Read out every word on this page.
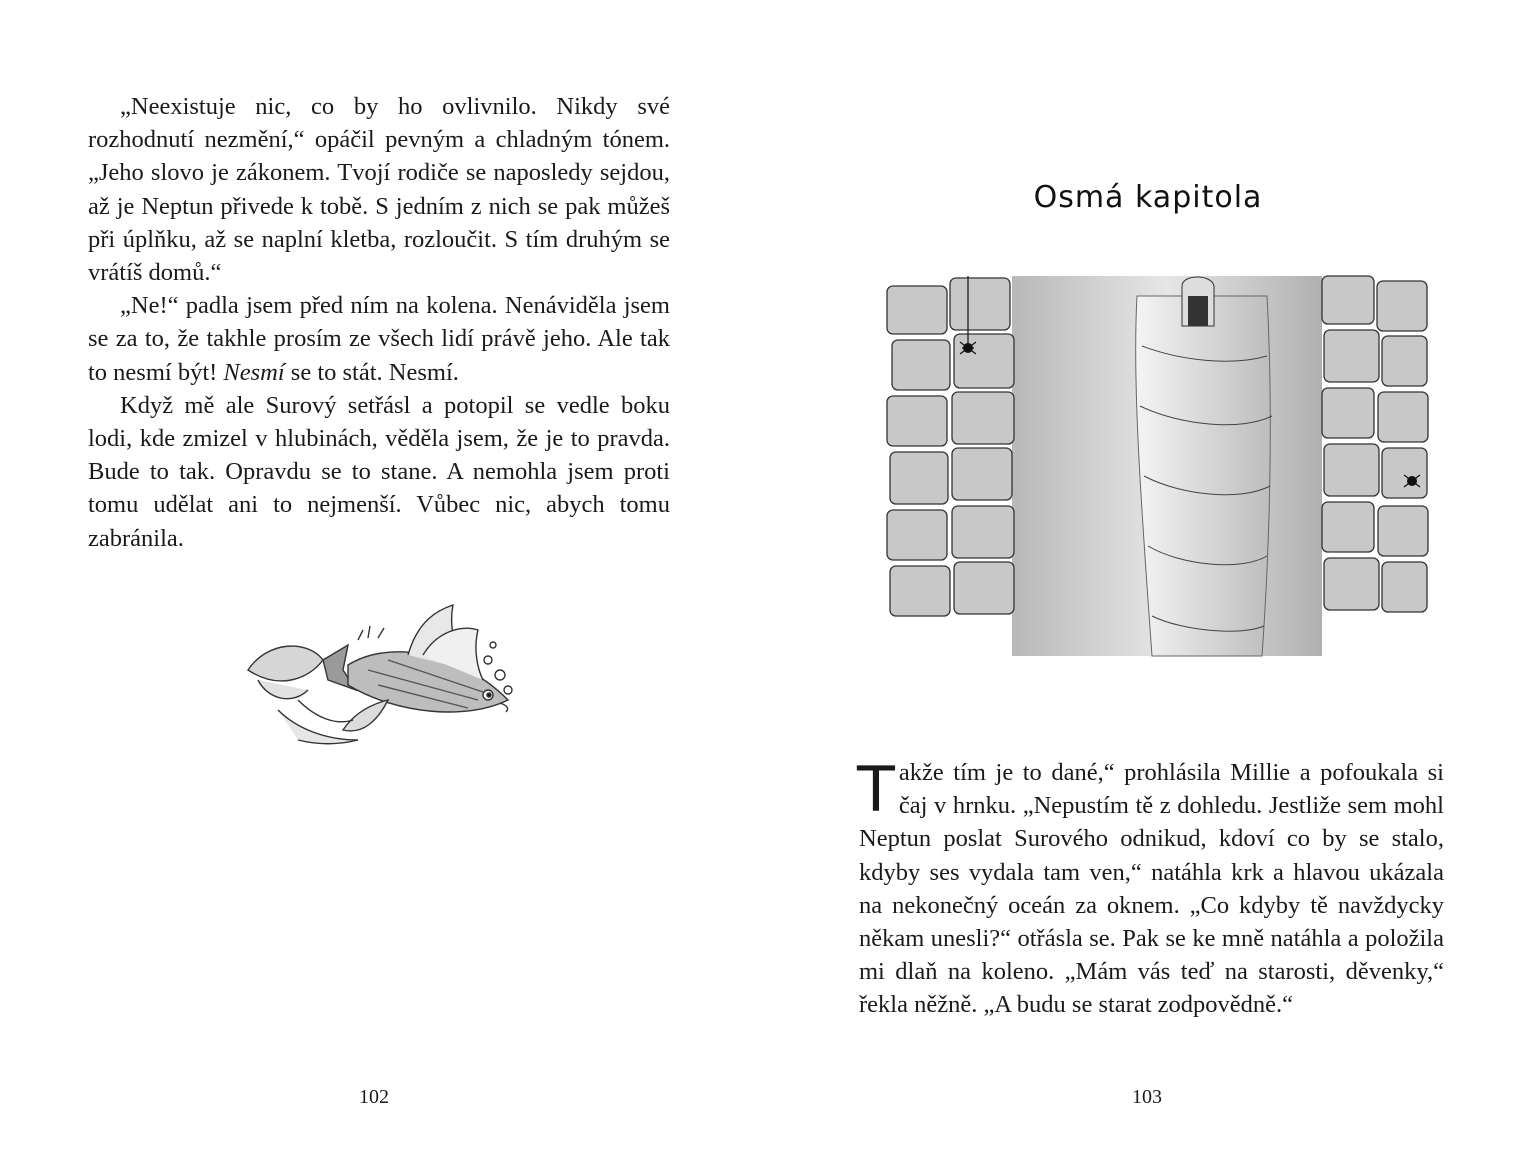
„Neexistuje nic, co by ho ovlivnilo. Nikdy své rozhodnutí nezmění,“ opáčil pevným a chladným tónem. „Jeho slovo je zákonem. Tvojí rodiče se naposledy sejdou, až je Neptun přivede k tobě. S jedním z nich se pak můžeš při úplňku, až se naplní kletba, rozloučit. S tím druhým se vrátíš domů.“

„Ne!“ padla jsem před ním na kolena. Nenáviděla jsem se za to, že takhle prosím ze všech lidí právě jeho. Ale tak to nesmí být! Nesmí se to stát. Nesmí.

Když mě ale Surový setřásl a potopil se vedle boku lodi, kde zmizel v hlubinách, věděla jsem, že je to pravda. Bude to tak. Opravdu se to stane. A nemohla jsem proti tomu udělat ani to nejmenší. Vůbec nic, abych tomu zabránila.

102
Osmá kapitola

Takže tím je to dané,“ prohlásila Millie a pofoukala si čaj v hrnku. „Nepustím tě z dohledu. Jestliže sem mohl Neptun poslat Surového odnikud, kdoví co by se stalo, kdyby ses vydala tam ven,“ natáhla krk a hlavou ukázala na nekonečný oceán za oknem. „Co kdyby tě navždycky někam unesli?“ otřásla se. Pak se ke mně natáhla a položila mi dlaň na koleno. „Mám vás teď na starosti, děvenky,“ řekla něžně. „A budu se starat zodpovědně.“

103
